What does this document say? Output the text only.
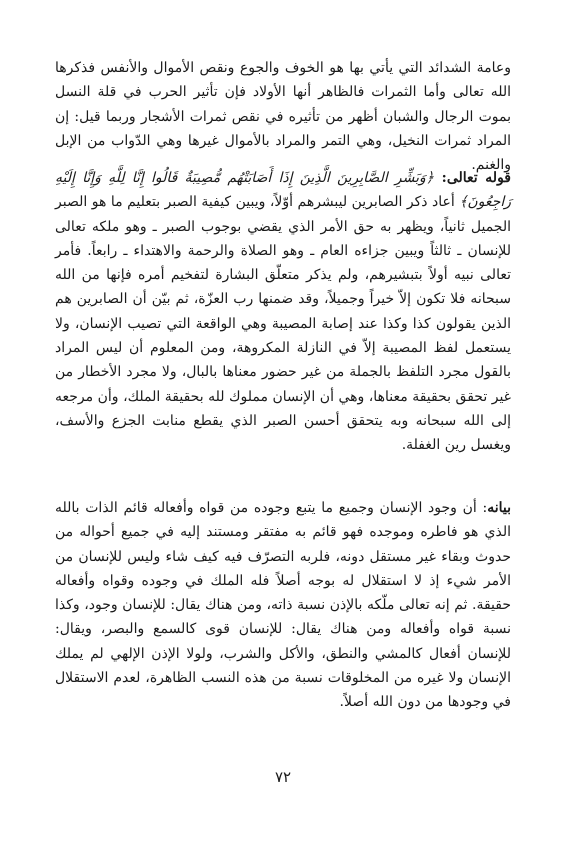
وعامة الشدائد التي يأتي بها هو الخوف والجوع ونقص الأموال والأنفس فذكرها الله تعالى وأما الثمرات فالظاهر أنها الأولاد فإن تأثير الحرب في قلة النسل بموت الرجال والشبان أظهر من تأثيره في نقص ثمرات الأشجار وربما قيل: إن المراد ثمرات النخيل، وهي التمر والمراد بالأموال غيرها وهي الدّواب من الإبل والغنم.

قوله تعالى: ﴿وَبَشِّرِ الصَّابِرِينَ الَّذِينَ إِذَا أَصَابَتْهُم مُّصِيبَةٌ قَالُوا إِنَّا لِلَّهِ وَإِنَّا إِلَيْهِ رَاجِعُونَ﴾ أعاد ذكر الصابرين ليبشرهم أوّلاً، ويبين كيفية الصبر بتعليم ما هو الصبر الجميل ثانياً، ويظهر به حق الأمر الذي يقضي بوجوب الصبر ـ وهو ملكه تعالى للإنسان ـ ثالثاً ويبين جزاءه العام ـ وهو الصلاة والرحمة والاهتداء ـ رابعاً. فأمر تعالى نبيه أولاً بتبشيرهم، ولم يذكر متعلّق البشارة لتفخيم أمره فإنها من الله سبحانه فلا تكون إلاّ خيراً وجميلاً، وقد ضمنها رب العزّة، ثم بيّن أن الصابرين هم الذين يقولون كذا وكذا عند إصابة المصيبة وهي الواقعة التي تصيب الإنسان، ولا يستعمل لفظ المصيبة إلاّ في النازلة المكروهة، ومن المعلوم أن ليس المراد بالقول مجرد التلفظ بالجملة من غير حضور معناها بالبال، ولا مجرد الأخطار من غير تحقق بحقيقة معناها، وهي أن الإنسان مملوك لله بحقيقة الملك، وأن مرجعه إلى الله سبحانه وبه يتحقق أحسن الصبر الذي يقطع منابت الجزع والأسف، ويغسل رين الغفلة.

بيانه: أن وجود الإنسان وجميع ما يتبع وجوده من قواه وأفعاله قائم الذات بالله الذي هو فاطره وموجده فهو قائم به مفتقر ومستند إليه في جميع أحواله من حدوث وبقاء غير مستقل دونه، فلربه التصرّف فيه كيف شاء وليس للإنسان من الأمر شيء إذ لا استقلال له بوجه أصلاً فله الملك في وجوده وقواه وأفعاله حقيقة. ثم إنه تعالى ملّكه بالإذن نسبة ذاته، ومن هناك يقال: للإنسان وجود، وكذا نسبة قواه وأفعاله ومن هناك يقال: للإنسان قوى كالسمع والبصر، ويقال: للإنسان أفعال كالمشي والنطق، والأكل والشرب، ولولا الإذن الإلهي لم يملك الإنسان ولا غيره من المخلوقات نسبة من هذه النسب الظاهرة، لعدم الاستقلال في وجودها من دون الله أصلاً.

٧٢
